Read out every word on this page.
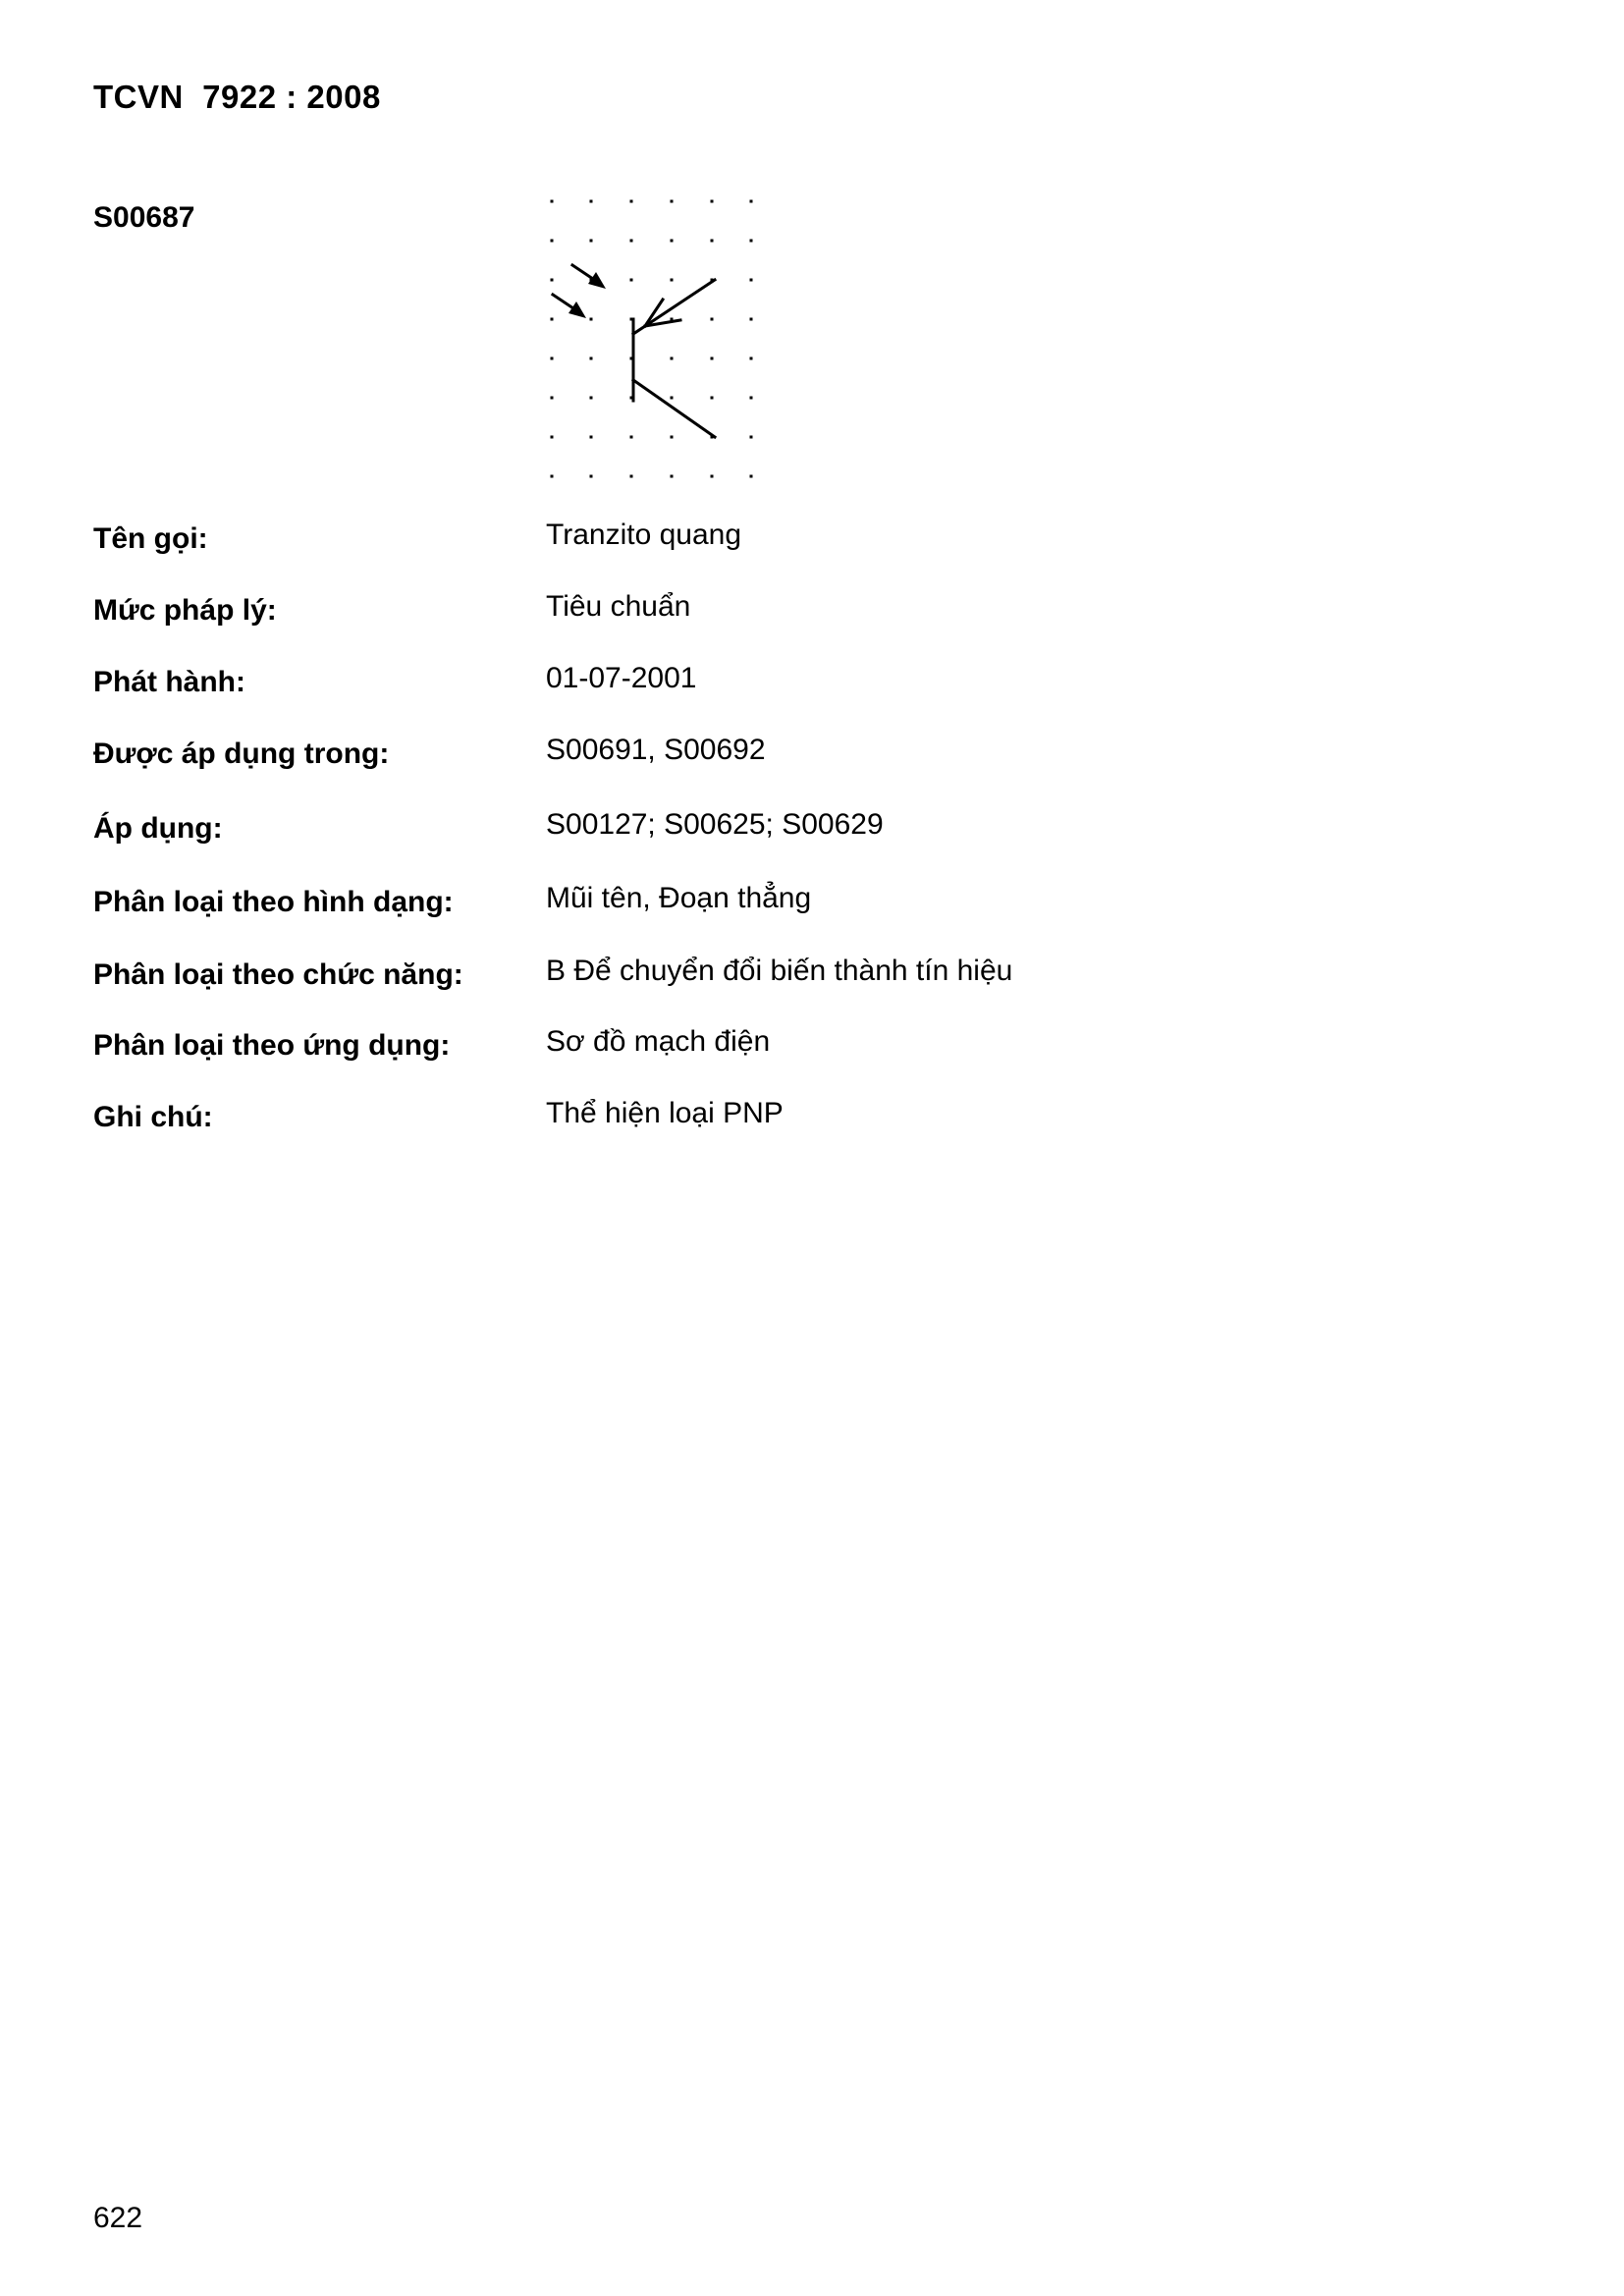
TCVN  7922 : 2008
S00687
Tên gọi:	Tranzito quang
Mức pháp lý:	Tiêu chuẩn
Phát hành:	01-07-2001
Được áp dụng trong:	S00691, S00692
Áp dụng:	S00127; S00625; S00629
Phân loại theo hình dạng:	Mũi tên, Đoạn thẳng
Phân loại theo chức năng:	B Để chuyển đổi biến thành tín hiệu
Phân loại theo ứng dụng:	Sơ đồ mạch điện
Ghi chú:	Thể hiện loại PNP
622
